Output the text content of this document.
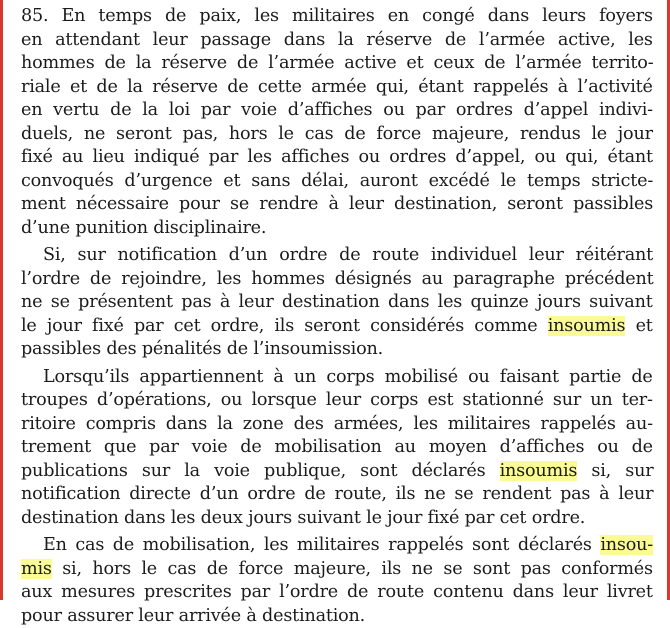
85. En temps de paix, les militaires en congé dans leurs foyers
en attendant leur passage dans la réserve de l’armée active, les
hommes de la réserve de l’armée active et ceux de l’armée territo-
riale et de la réserve de cette armée qui, étant rappelés à l’activité
en vertu de la loi par voie d’affiches ou par ordres d’appel indivi-
duels, ne seront pas, hors le cas de force majeure, rendus le jour
fixé au lieu indiqué par les affiches ou ordres d’appel, ou qui, étant
convoqués d’urgence et sans délai, auront excédé le temps stricte-
ment nécessaire pour se rendre à leur destination, seront passibles
d’une punition disciplinaire.
Si, sur notification d’un ordre de route individuel leur réitérant
l’ordre de rejoindre, les hommes désignés au paragraphe précédent
ne se présentent pas à leur destination dans les quinze jours suivant
le jour fixé par cet ordre, ils seront considérés comme insoumis et
passibles des pénalités de l’insoumission.
Lorsqu’ils appartiennent à un corps mobilisé ou faisant partie de
troupes d’opérations, ou lorsque leur corps est stationné sur un ter-
ritoire compris dans la zone des armées, les militaires rappelés au-
trement que par voie de mobilisation au moyen d’affiches ou de
publications sur la voie publique, sont déclarés insoumis si, sur
notification directe d’un ordre de route, ils ne se rendent pas à leur
destination dans les deux jours suivant le jour fixé par cet ordre.
En cas de mobilisation, les militaires rappelés sont déclarés insou-
mis si, hors le cas de force majeure, ils ne se sont pas conformés
aux mesures prescrites par l’ordre de route contenu dans leur livret
pour assurer leur arrivée à destination.
